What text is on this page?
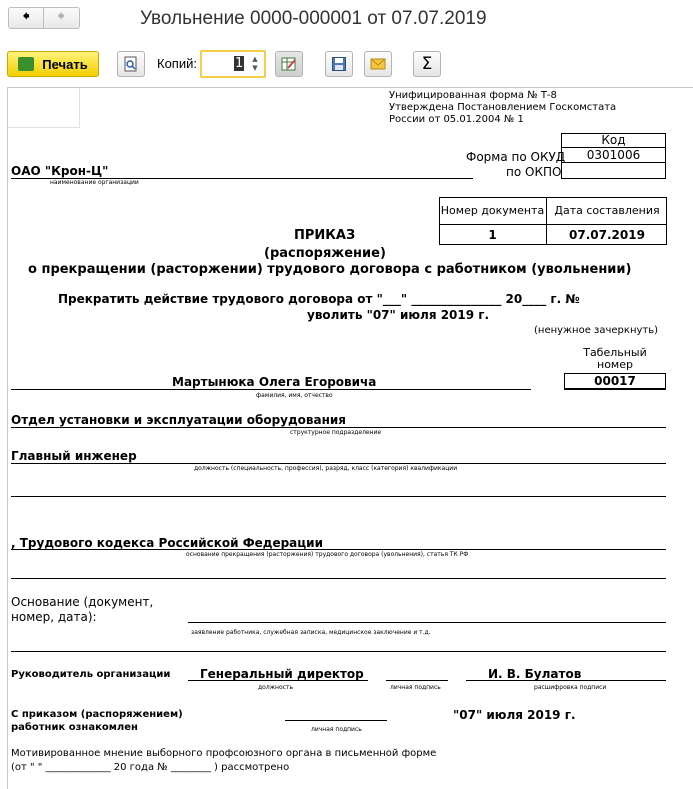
🠸 🠺	Увольнение 0000-000001 от 07.07.2019
Печать	Копий:	1	▲
▼	Σ
Унифицированная форма № Т-8
Утверждена Постановлением Госкомстата
России от 05.01.2004 № 1
Код
0301006
Форма по ОКУД
по ОКПО
ОАО "Крон-Ц"
наименование организации
Номер документа Дата составления
1	07.07.2019
ПРИКАЗ
(распоряжение)
о прекращении (расторжении) трудового договора с работником (увольнении)
Прекратить действие трудового договора от "___" _______________ 20____ г. №
уволить "07" июля 2019 г.
(ненужное зачеркнуть)
Табельный номер
00017
Мартынюка Олега Егоровича
фамилия, имя, отчество
Отдел установки и эксплуатации оборудования
структурное подразделение
Главный инженер
должность (специальность, профессия), разряд, класс (категория) квалификации
, Трудового кодекса Российской Федерации
основание прекращения (расторжения) трудового договора (увольнения), статья ТК РФ
Основание (документ,
номер, дата):
заявление работника, служебная записка, медицинское заключение и т.д.
Руководитель организации Генеральный директор
должность	личная подпись
И. В. Булатов
расшифровка подписи
С приказом (распоряжением)
работник ознакомлен	личная подпись
"07" июля 2019 г.
Мотивированное мнение выборного профсоюзного органа в письменной форме
(от " " _____________ 20 года № ________ ) рассмотрено
